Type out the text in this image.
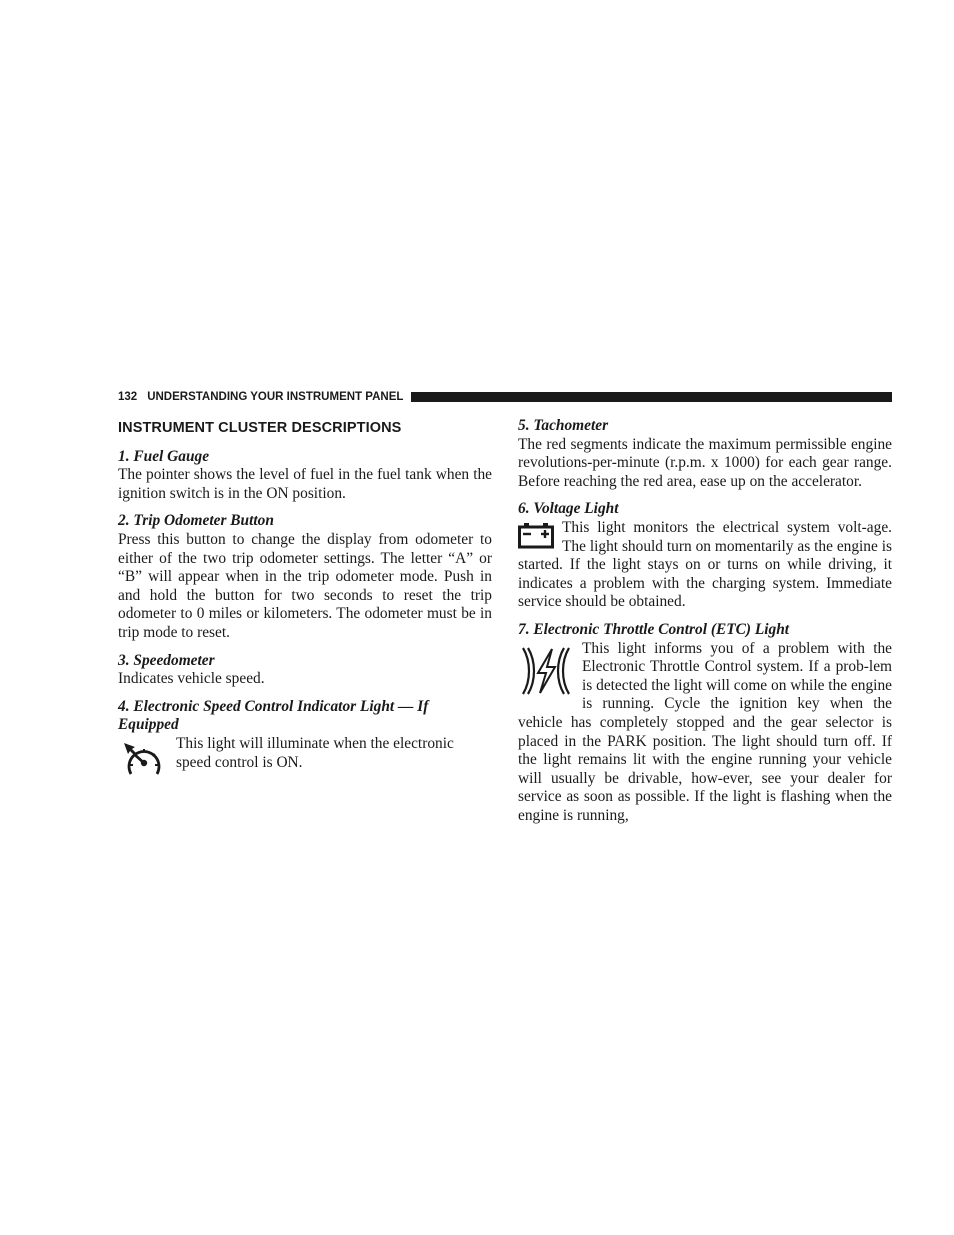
132 UNDERSTANDING YOUR INSTRUMENT PANEL
INSTRUMENT CLUSTER DESCRIPTIONS
1. Fuel Gauge

The pointer shows the level of fuel in the fuel tank when the ignition switch is in the ON position.

2. Trip Odometer Button

Press this button to change the display from odometer to either of the two trip odometer settings. The letter “A” or “B” will appear when in the trip odometer mode. Push in and hold the button for two seconds to reset the trip odometer to 0 miles or kilometers. The odometer must be in trip mode to reset.

3. Speedometer

Indicates vehicle speed.

4. Electronic Speed Control Indicator Light — If Equipped

This light will illuminate when the electronic speed control is ON.

5. Tachometer

The red segments indicate the maximum permissible engine revolutions-per-minute (r.p.m. x 1000) for each gear range. Before reaching the red area, ease up on the accelerator.

6. Voltage Light

This light monitors the electrical system volt-age. The light should turn on momentarily as the engine is started. If the light stays on or turns on while driving, it indicates a problem with the charging system. Immediate service should be obtained.

7. Electronic Throttle Control (ETC) Light

This light informs you of a problem with the Electronic Throttle Control system. If a prob-lem is detected the light will come on while the engine is running. Cycle the ignition key when the vehicle has completely stopped and the gear selector is placed in the PARK position. The light should turn off. If the light remains lit with the engine running your vehicle will usually be drivable, how-ever, see your dealer for service as soon as possible. If the light is flashing when the engine is running,
